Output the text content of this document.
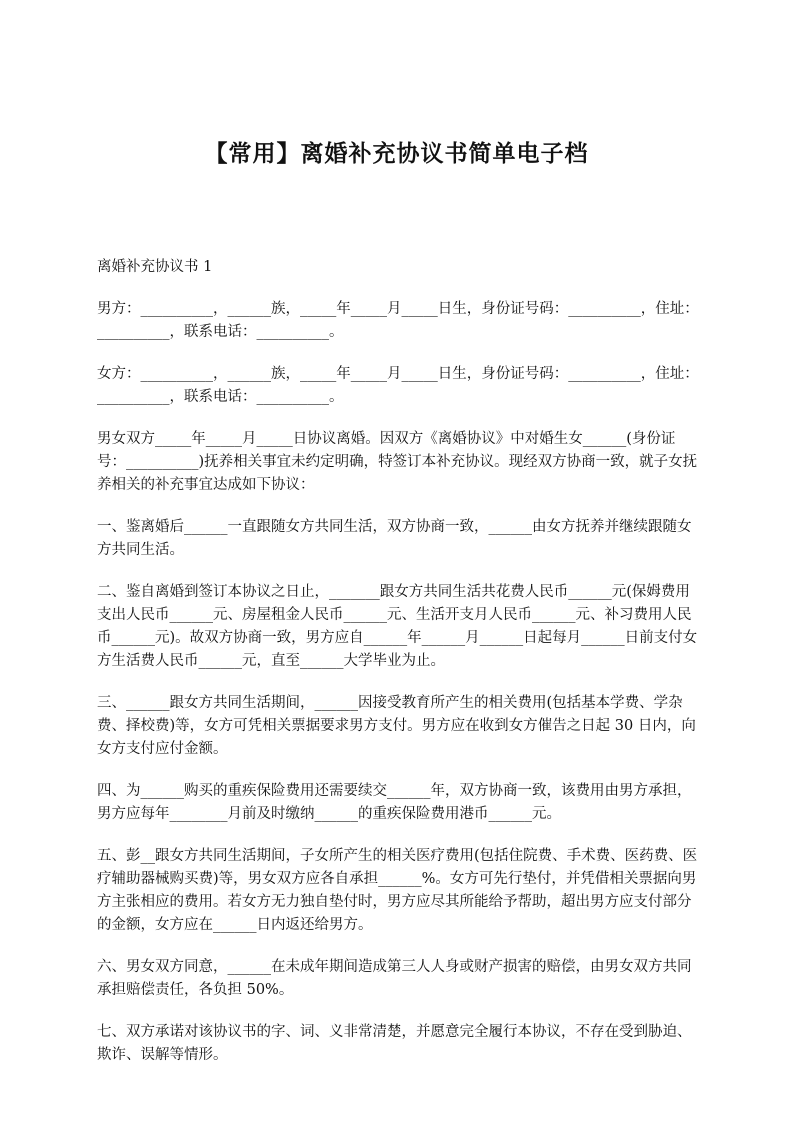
【常用】离婚补充协议书简单电子档
离婚补充协议书 1
男方：__________，______族，_____年_____月_____日生，身份证号码：__________，住址：__________，联系电话：__________。
女方：__________，______族，_____年_____月_____日生，身份证号码：__________，住址：__________，联系电话：__________。
男女双方_____年_____月_____日协议离婚。因双方《离婚协议》中对婚生女______(身份证号：__________)抚养相关事宜未约定明确，特签订本补充协议。现经双方协商一致，就子女抚养相关的补充事宜达成如下协议：
一、鉴离婚后______一直跟随女方共同生活，双方协商一致，______由女方抚养并继续跟随女方共同生活。
二、鉴自离婚到签订本协议之日止，_______跟女方共同生活共花费人民币______元(保姆费用支出人民币______元、房屋租金人民币______元、生活开支月人民币______元、补习费用人民币______元)。故双方协商一致，男方应自______年______月______日起每月______日前支付女方生活费人民币______元，直至______大学毕业为止。
三、______跟女方共同生活期间，______因接受教育所产生的相关费用(包括基本学费、学杂费、择校费)等，女方可凭相关票据要求男方支付。男方应在收到女方催告之日起 30 日内，向女方支付应付金额。
四、为______购买的重疾保险费用还需要续交______年，双方协商一致，该费用由男方承担，男方应每年________月前及时缴纳______的重疾保险费用港币______元。
五、彭__跟女方共同生活期间，子女所产生的相关医疗费用(包括住院费、手术费、医药费、医疗辅助器械购买费)等，男女双方应各自承担______%。女方可先行垫付，并凭借相关票据向男方主张相应的费用。若女方无力独自垫付时，男方应尽其所能给予帮助，超出男方应支付部分的金额，女方应在______日内返还给男方。
六、男女双方同意，______在未成年期间造成第三人人身或财产损害的赔偿，由男女双方共同承担赔偿责任，各负担 50%。
七、双方承诺对该协议书的字、词、义非常清楚，并愿意完全履行本协议，不存在受到胁迫、欺诈、误解等情形。
